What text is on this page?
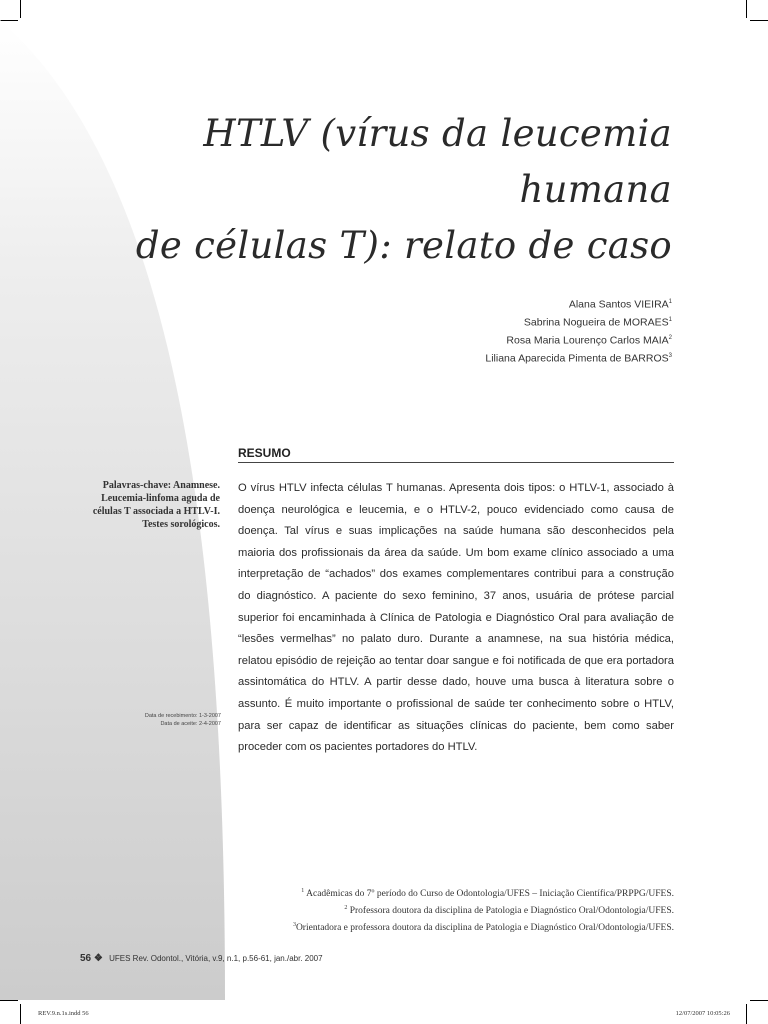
HTLV (vírus da leucemia humana
de células T): relato de caso
Alana Santos VIEIRA$^1$
Sabrina Nogueira de MORAES$^1$
Rosa Maria Lourenço Carlos MAIA$^2$
Liliana Aparecida Pimenta de BARROS$^3$
RESUMO
Palavras-chave: Anamnese. Leucemia-linfoma aguda de células T associada a HTLV-I. Testes sorológicos.
Data de recebimento: 1-3-2007
Data de aceite: 2-4-2007
O vírus HTLV infecta células T humanas. Apresenta dois tipos: o HTLV-1, associado à doença neurológica e leucemia, e o HTLV-2, pouco evidenciado como causa de doença. Tal vírus e suas implicações na saúde humana são desconhecidos pela maioria dos profissionais da área da saúde. Um bom exame clínico associado a uma interpretação de “achados” dos exames complementares contribui para a construção do diagnóstico. A paciente do sexo feminino, 37 anos, usuária de prótese parcial superior foi encaminhada à Clínica de Patologia e Diagnóstico Oral para avaliação de “lesões vermelhas” no palato duro. Durante a anamnese, na sua história médica, relatou episódio de rejeição ao tentar doar sangue e foi notificada de que era portadora assintomática do HTLV. A partir desse dado, houve uma busca à literatura sobre o assunto. É muito importante o profissional de saúde ter conhecimento sobre o HTLV, para ser capaz de identificar as situações clínicas do paciente, bem como saber proceder com os pacientes portadores do HTLV.
$^1$ Acadêmicas do 7º período do Curso de Odontologia/UFES – Iniciação Científica/PRPPG/UFES.
$^2$ Professora doutora da disciplina de Patologia e Diagnóstico Oral/Odontologia/UFES.
$^3$Orientadora e professora doutora da disciplina de Patologia e Diagnóstico Oral/Odontologia/UFES.
56 ❖ UFES Rev. Odontol., Vitória, v.9, n.1, p.56-61, jan./abr. 2007
REV.9.n.1s.indd 56	12/07/2007 10:05:26
